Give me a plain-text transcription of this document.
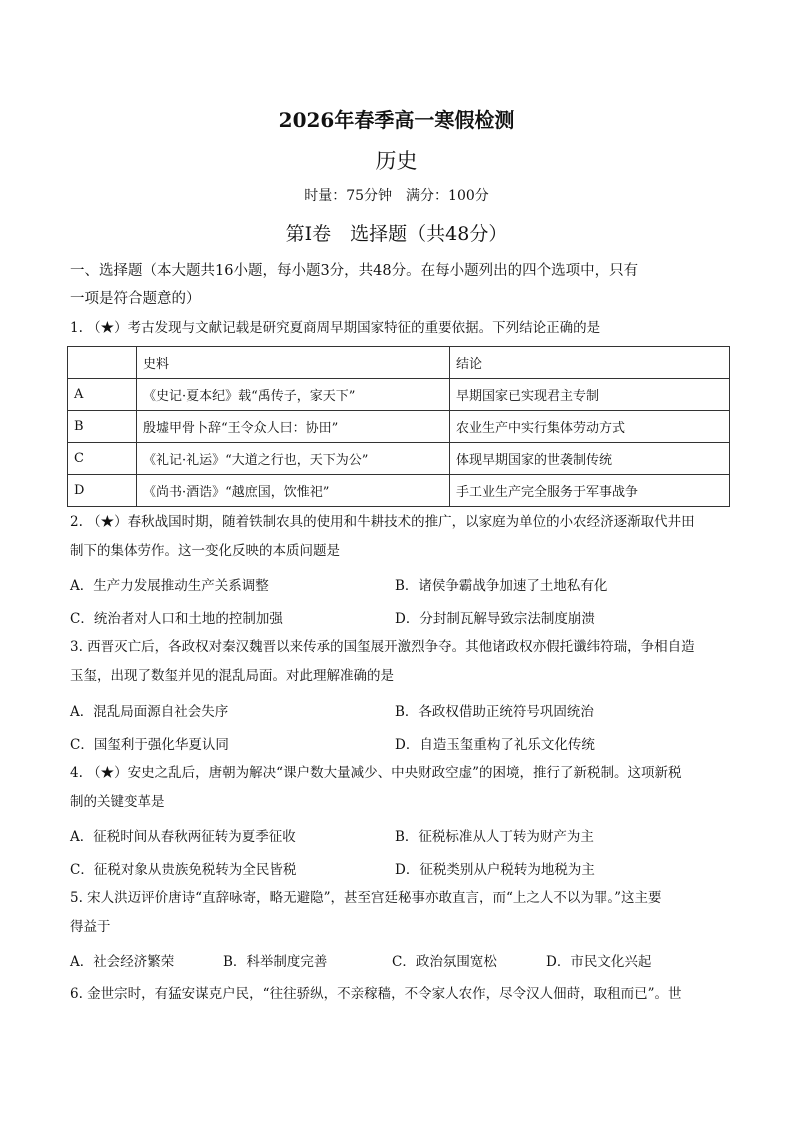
2026年春季高一寒假检测
历史
时量：75分钟　满分：100分
第I卷　选择题（共48分）
一、选择题（本大题共16小题，每小题3分，共48分。在每小题列出的四个选项中，只有
一项是符合题意的）
1. （★）考古发现与文献记载是研究夏商周早期国家特征的重要依据。下列结论正确的是
	史料	结论
A	《史记·夏本纪》载“禹传子，家天下”	早期国家已实现君主专制
B	殷墟甲骨卜辞“王令众人曰：协田”	农业生产中实行集体劳动方式
C	《礼记·礼运》“大道之行也，天下为公”	体现早期国家的世袭制传统
D	《尚书·酒诰》“越庶国，饮惟祀”	手工业生产完全服务于军事战争
2. （★）春秋战国时期，随着铁制农具的使用和牛耕技术的推广，以家庭为单位的小农经济逐渐取代井田
制下的集体劳作。这一变化反映的本质问题是
A．生产力发展推动生产关系调整	B．诸侯争霸战争加速了土地私有化
C．统治者对人口和土地的控制加强	D．分封制瓦解导致宗法制度崩溃
3. 西晋灭亡后，各政权对秦汉魏晋以来传承的国玺展开激烈争夺。其他诸政权亦假托谶纬符瑞，争相自造
玉玺，出现了数玺并见的混乱局面。对此理解准确的是
A．混乱局面源自社会失序	B．各政权借助正统符号巩固统治
C．国玺利于强化华夏认同	D．自造玉玺重构了礼乐文化传统
4. （★）安史之乱后，唐朝为解决“课户数大量减少、中央财政空虚”的困境，推行了新税制。这项新税
制的关键变革是
A．征税时间从春秋两征转为夏季征收	B．征税标准从人丁转为财产为主
C．征税对象从贵族免税转为全民皆税	D．征税类别从户税转为地税为主
5. 宋人洪迈评价唐诗“直辞咏寄，略无避隐”，甚至宫廷秘事亦敢直言，而“上之人不以为罪。”这主要
得益于
A．社会经济繁荣	B．科举制度完善	C．政治氛围宽松	D．市民文化兴起
6. 金世宗时，有猛安谋克户民，“往往骄纵，不亲稼穑，不令家人农作，尽令汉人佃莳，取租而已”。世
